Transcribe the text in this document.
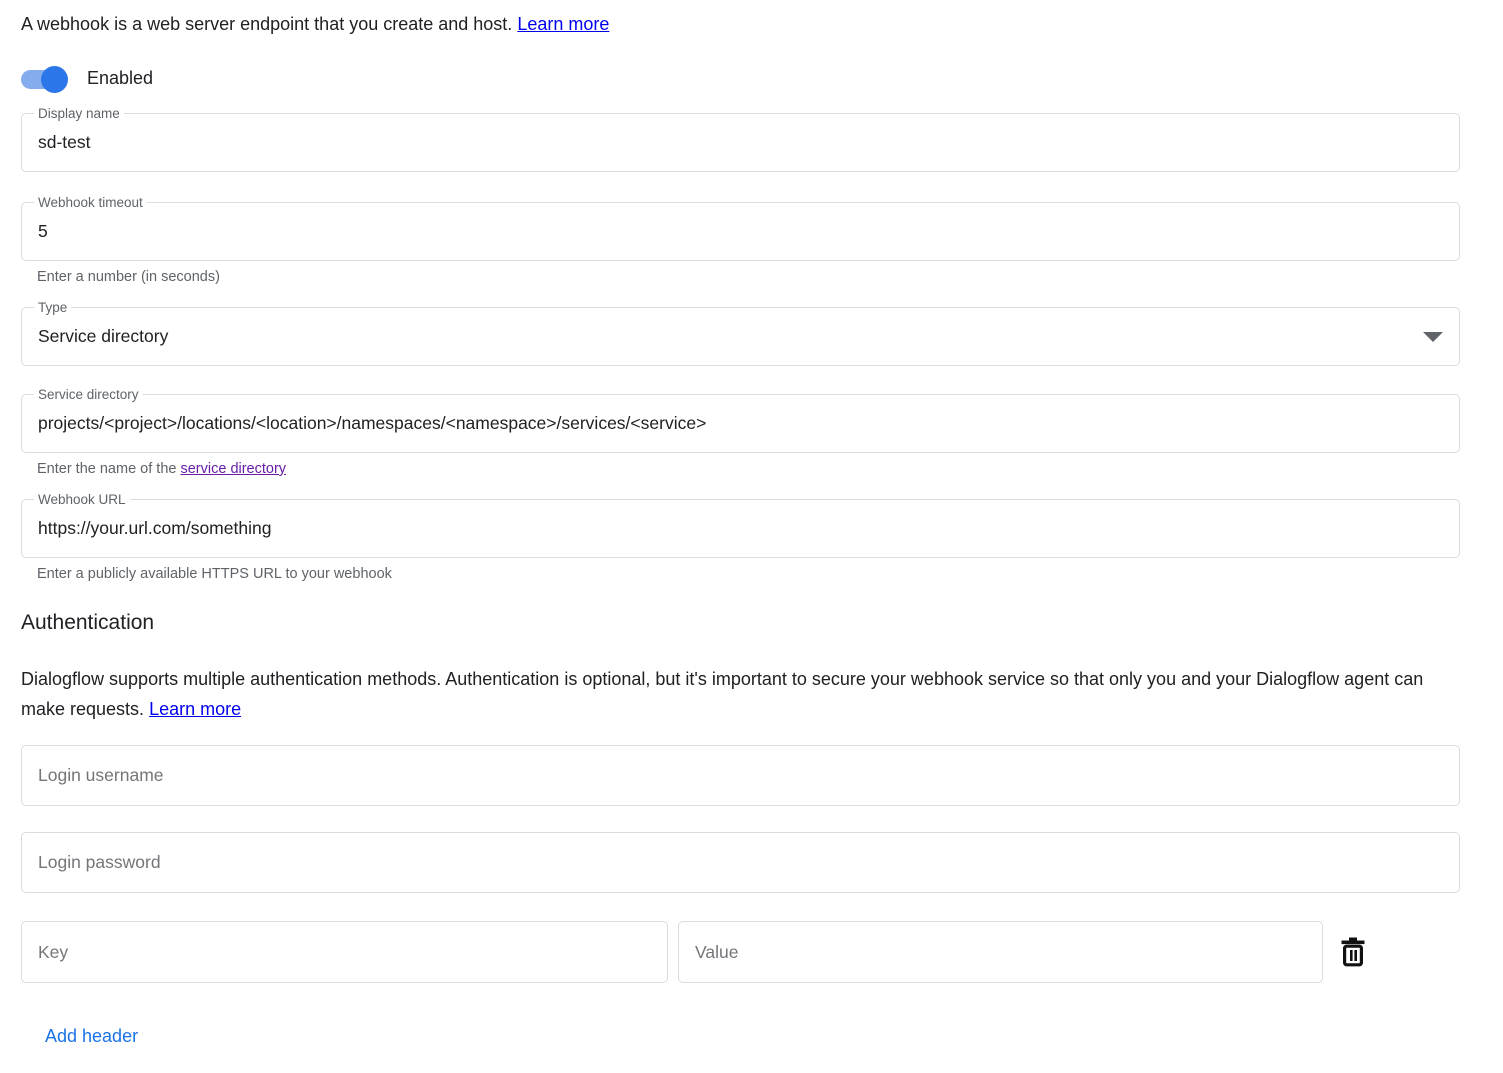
A webhook is a web server endpoint that you create and host. Learn more

Enabled
Display name
sd-test
Webhook timeout
5
Enter a number (in seconds)
Type
Service directory
Service directory
projects/<project>/locations/<location>/namespaces/<namespace>/services/<service>
Enter the name of the service directory
Webhook URL
https://your.url.com/something
Enter a publicly available HTTPS URL to your webhook
Authentication

Dialogflow supports multiple authentication methods. Authentication is optional, but it's important to secure your webhook service so that only you and your Dialogflow agent can make requests. Learn more

Login username
Key
Value
Add header
